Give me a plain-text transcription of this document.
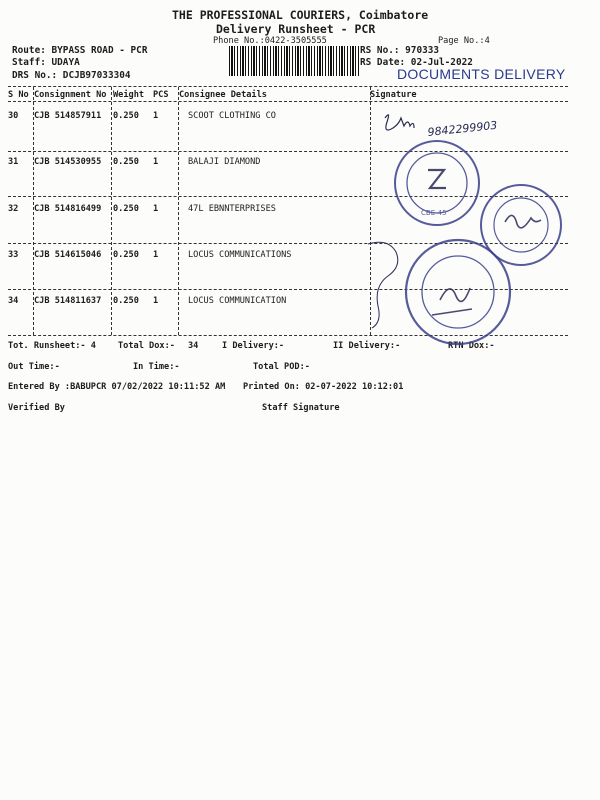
THE PROFESSIONAL COURIERS, Coimbatore
Delivery Runsheet - PCR
Phone No.:0422-3505555	Page No.:4
Route: BYPASS ROAD - PCR
Staff: UDAYA
DRS No.: DCJB97033304
RS No.: 970333
RS Date: 02-Jul-2022
DOCUMENTS DELIVERY
S No Consignment No Weight PCS Consignee Details	Signature
30 CJB 514857911 0.250 1	SCOOT CLOTHING CO
31 CJB 514530955 0.250 1	BALAJI DIAMOND
32 CJB 514816499 0.250 1	47L EBNNTERPRISES
33 CJB 514615046 0.250 1	LOCUS COMMUNICATIONS
34 CJB 514811637 0.250 1	LOCUS COMMUNICATION
Tot. Runsheet:- 4	Total Dox:- 34	I Delivery:-	II Delivery:-	RTN Dox:-
Out Time:-	In Time:-	Total POD:-
Entered By :BABUPCR 07/02/2022 10:11:52 AM Printed On: 02-07-2022 10:12:01
Verified By	Staff Signature
9842299903
CBE-45
